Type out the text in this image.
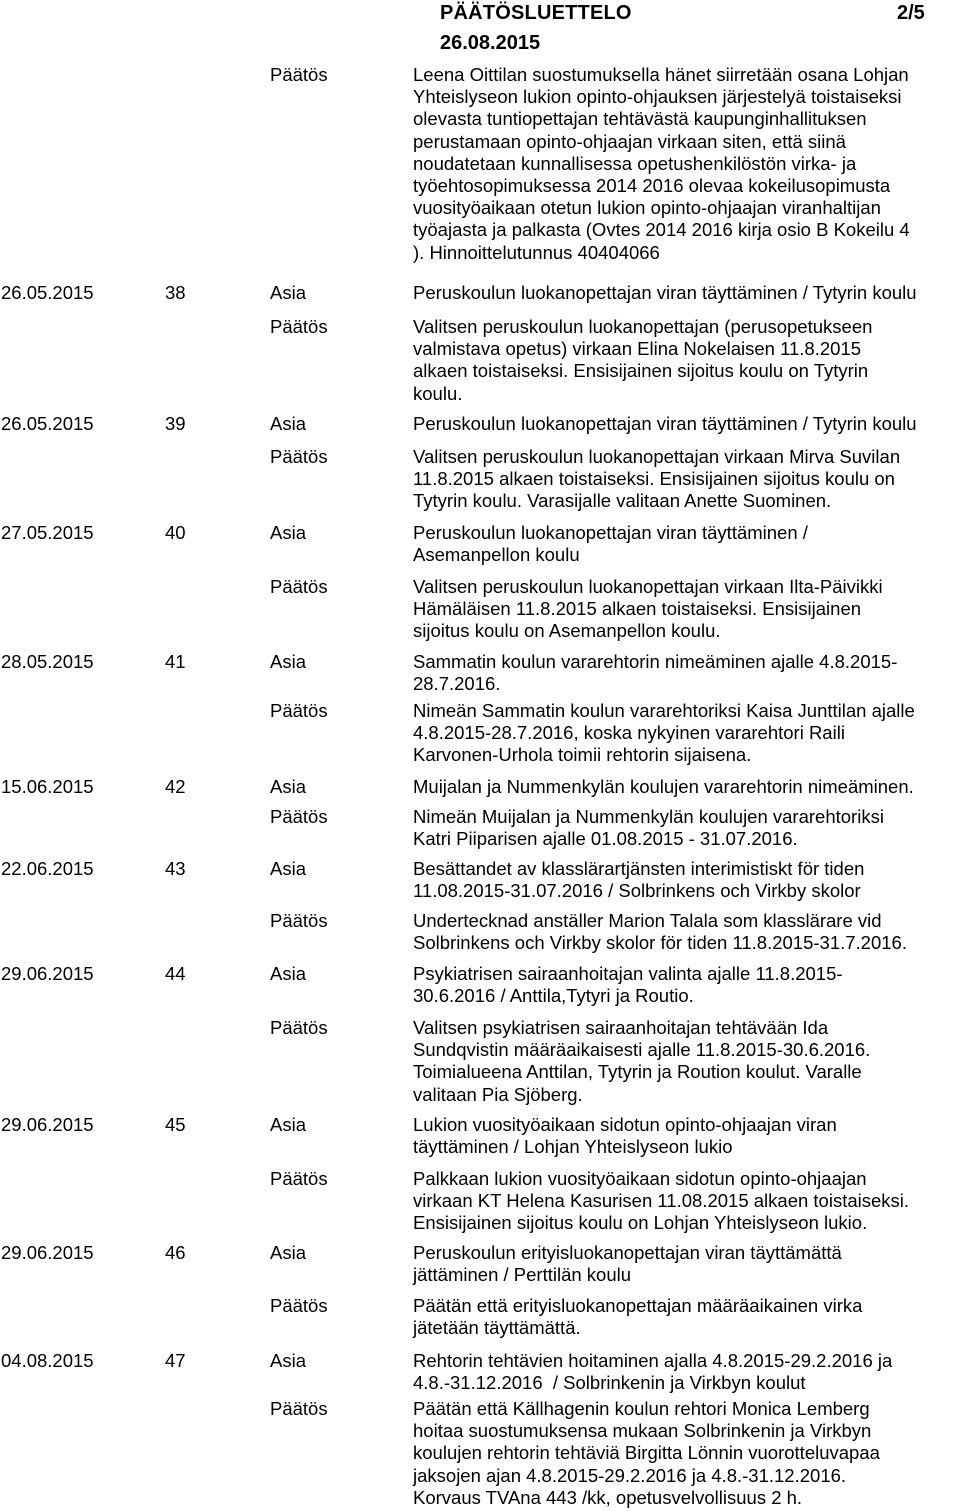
PÄÄTÖSLUETTELO	2/5
26.08.2015
Päätös	Leena Oittilan suostumuksella hänet siirretään osana Lohjan
Yhteislyseon lukion opinto-ohjauksen järjestelyä toistaiseksi
olevasta tuntiopettajan tehtävästä kaupunginhallituksen
perustamaan opinto-ohjaajan virkaan siten, että siinä
noudatetaan kunnallisessa opetushenkilöstön virka- ja
työehtosopimuksessa 2014 2016 olevaa kokeilusopimusta
vuosityöaikaan otetun lukion opinto-ohjaajan viranhaltijan
työajasta ja palkasta (Ovtes 2014 2016 kirja osio B Kokeilu 4
). Hinnoittelutunnus 40404066
26.05.2015	38	Asia	Peruskoulun luokanopettajan viran täyttäminen / Tytyrin koulu
Päätös	Valitsen peruskoulun luokanopettajan (perusopetukseen
valmistava opetus) virkaan Elina Nokelaisen 11.8.2015
alkaen toistaiseksi. Ensisijainen sijoitus koulu on Tytyrin
koulu.
26.05.2015	39	Asia	Peruskoulun luokanopettajan viran täyttäminen / Tytyrin koulu
Päätös	Valitsen peruskoulun luokanopettajan virkaan Mirva Suvilan
11.8.2015 alkaen toistaiseksi. Ensisijainen sijoitus koulu on
Tytyrin koulu. Varasijalle valitaan Anette Suominen.
27.05.2015	40	Asia	Peruskoulun luokanopettajan viran täyttäminen /
Asemanpellon koulu
Päätös	Valitsen peruskoulun luokanopettajan virkaan Ilta-Päivikki
Hämäläisen 11.8.2015 alkaen toistaiseksi. Ensisijainen
sijoitus koulu on Asemanpellon koulu.
28.05.2015	41	Asia	Sammatin koulun vararehtorin nimeäminen ajalle 4.8.2015-
28.7.2016.
Päätös	Nimeän Sammatin koulun vararehtoriksi Kaisa Junttilan ajalle
4.8.2015-28.7.2016, koska nykyinen vararehtori Raili
Karvonen-Urhola toimii rehtorin sijaisena.
15.06.2015	42	Asia	Muijalan ja Nummenkylän koulujen vararehtorin nimeäminen.
Päätös	Nimeän Muijalan ja Nummenkylän koulujen vararehtoriksi
Katri Piiparisen ajalle 01.08.2015 - 31.07.2016.
22.06.2015	43	Asia	Besättandet av klasslärartjänsten interimistiskt för tiden
11.08.2015-31.07.2016 / Solbrinkens och Virkby skolor
Päätös	Undertecknad anställer Marion Talala som klasslärare vid
Solbrinkens och Virkby skolor för tiden 11.8.2015-31.7.2016.
29.06.2015	44	Asia	Psykiatrisen sairaanhoitajan valinta ajalle 11.8.2015-
30.6.2016 / Anttila,Tytyri ja Routio.
Päätös	Valitsen psykiatrisen sairaanhoitajan tehtävään Ida
Sundqvistin määräaikaisesti ajalle 11.8.2015-30.6.2016.
Toimialueena Anttilan, Tytyrin ja Roution koulut. Varalle
valitaan Pia Sjöberg.
29.06.2015	45	Asia	Lukion vuosityöaikaan sidotun opinto-ohjaajan viran
täyttäminen / Lohjan Yhteislyseon lukio
Päätös	Palkkaan lukion vuosityöaikaan sidotun opinto-ohjaajan
virkaan KT Helena Kasurisen 11.08.2015 alkaen toistaiseksi.
Ensisijainen sijoitus koulu on Lohjan Yhteislyseon lukio.
29.06.2015	46	Asia	Peruskoulun erityisluokanopettajan viran täyttämättä
jättäminen / Perttilän koulu
Päätös	Päätän että erityisluokanopettajan määräaikainen virka
jätetään täyttämättä.
04.08.2015	47	Asia	Rehtorin tehtävien hoitaminen ajalla 4.8.2015-29.2.2016 ja
4.8.-31.12.2016  / Solbrinkenin ja Virkbyn koulut
Päätös	Päätän että Källhagenin koulun rehtori Monica Lemberg
hoitaa suostumuksensa mukaan Solbrinkenin ja Virkbyn
koulujen rehtorin tehtäviä Birgitta Lönnin vuorotteluvapaa
jaksojen ajan 4.8.2015-29.2.2016 ja 4.8.-31.12.2016.
Korvaus TVAna 443 /kk, opetusvelvollisuus 2 h.
